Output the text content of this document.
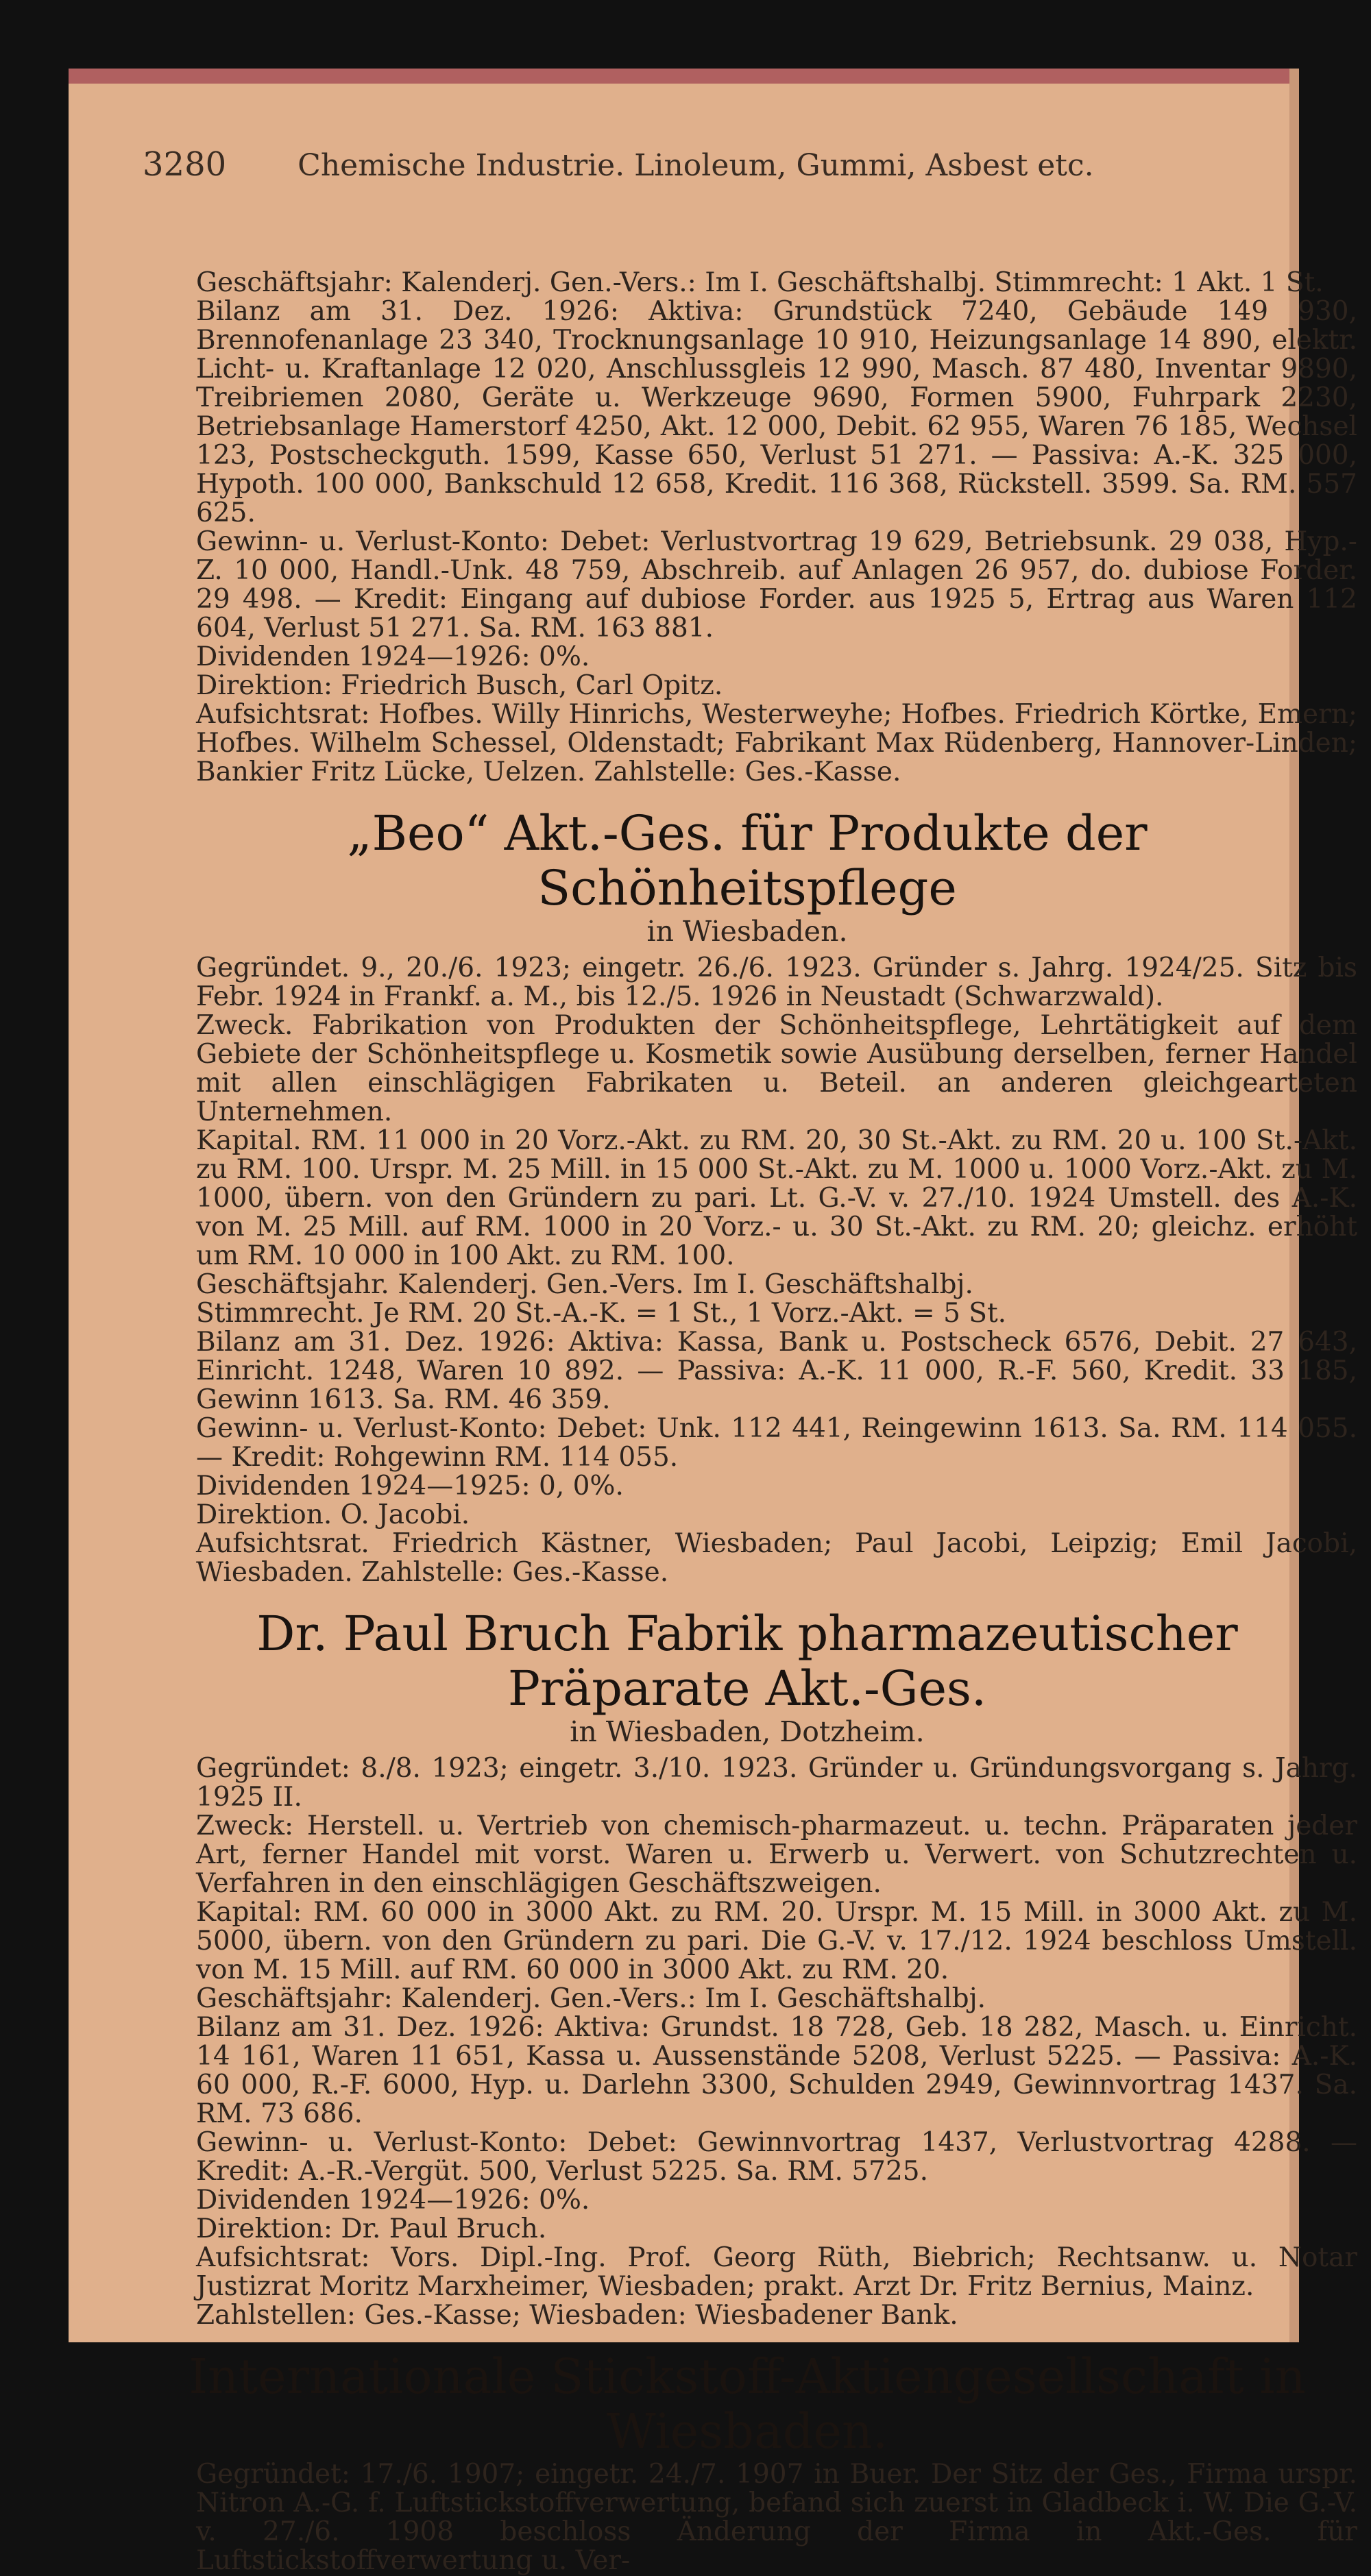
3280 Chemische Industrie. Linoleum, Gummi, Asbest etc.

Geschäftsjahr: Kalenderj. Gen.-Vers.: Im I. Geschäftshalbj. Stimmrecht: 1 Akt. 1 St.

Bilanz am 31. Dez. 1926: Aktiva: Grundstück 7240, Gebäude 149 930, Brennofenanlage 23 340, Trocknungsanlage 10 910, Heizungsanlage 14 890, elektr. Licht- u. Kraftanlage 12 020, Anschlussgleis 12 990, Masch. 87 480, Inventar 9890, Treibriemen 2080, Geräte u. Werkzeuge 9690, Formen 5900, Fuhrpark 2230, Betriebsanlage Hamerstorf 4250, Akt. 12 000, Debit. 62 955, Waren 76 185, Wechsel 123, Postscheckguth. 1599, Kasse 650, Verlust 51 271. — Passiva: A.-K. 325 000, Hypoth. 100 000, Bankschuld 12 658, Kredit. 116 368, Rückstell. 3599. Sa. RM. 557 625.

Gewinn- u. Verlust-Konto: Debet: Verlustvortrag 19 629, Betriebsunk. 29 038, Hyp.-Z. 10 000, Handl.-Unk. 48 759, Abschreib. auf Anlagen 26 957, do. dubiose Forder. 29 498. — Kredit: Eingang auf dubiose Forder. aus 1925 5, Ertrag aus Waren 112 604, Verlust 51 271. Sa. RM. 163 881.

Dividenden 1924—1926: 0%.

Direktion: Friedrich Busch, Carl Opitz.

Aufsichtsrat: Hofbes. Willy Hinrichs, Westerweyhe; Hofbes. Friedrich Körtke, Emern; Hofbes. Wilhelm Schessel, Oldenstadt; Fabrikant Max Rüdenberg, Hannover-Linden; Bankier Fritz Lücke, Uelzen. Zahlstelle: Ges.-Kasse.

„Beo“ Akt.-Ges. für Produkte der Schönheitspflege
in Wiesbaden.

Gegründet. 9., 20./6. 1923; eingetr. 26./6. 1923. Gründer s. Jahrg. 1924/25. Sitz bis Febr. 1924 in Frankf. a. M., bis 12./5. 1926 in Neustadt (Schwarzwald).

Zweck. Fabrikation von Produkten der Schönheitspflege, Lehrtätigkeit auf dem Gebiete der Schönheitspflege u. Kosmetik sowie Ausübung derselben, ferner Handel mit allen einschlägigen Fabrikaten u. Beteil. an anderen gleichgearteten Unternehmen.

Kapital. RM. 11 000 in 20 Vorz.-Akt. zu RM. 20, 30 St.-Akt. zu RM. 20 u. 100 St.-Akt. zu RM. 100. Urspr. M. 25 Mill. in 15 000 St.-Akt. zu M. 1000 u. 1000 Vorz.-Akt. zu M. 1000, übern. von den Gründern zu pari. Lt. G.-V. v. 27./10. 1924 Umstell. des A.-K. von M. 25 Mill. auf RM. 1000 in 20 Vorz.- u. 30 St.-Akt. zu RM. 20; gleichz. erhöht um RM. 10 000 in 100 Akt. zu RM. 100.

Geschäftsjahr. Kalenderj. Gen.-Vers. Im I. Geschäftshalbj.

Stimmrecht. Je RM. 20 St.-A.-K. = 1 St., 1 Vorz.-Akt. = 5 St.

Bilanz am 31. Dez. 1926: Aktiva: Kassa, Bank u. Postscheck 6576, Debit. 27 643, Einricht. 1248, Waren 10 892. — Passiva: A.-K. 11 000, R.-F. 560, Kredit. 33 185, Gewinn 1613. Sa. RM. 46 359.

Gewinn- u. Verlust-Konto: Debet: Unk. 112 441, Reingewinn 1613. Sa. RM. 114 055. — Kredit: Rohgewinn RM. 114 055.

Dividenden 1924—1925: 0, 0%.

Direktion. O. Jacobi.

Aufsichtsrat. Friedrich Kästner, Wiesbaden; Paul Jacobi, Leipzig; Emil Jacobi, Wiesbaden. Zahlstelle: Ges.-Kasse.

Dr. Paul Bruch Fabrik pharmazeutischer Präparate Akt.-Ges.
in Wiesbaden, Dotzheim.

Gegründet: 8./8. 1923; eingetr. 3./10. 1923. Gründer u. Gründungsvorgang s. Jahrg. 1925 II.

Zweck: Herstell. u. Vertrieb von chemisch-pharmazeut. u. techn. Präparaten jeder Art, ferner Handel mit vorst. Waren u. Erwerb u. Verwert. von Schutzrechten u. Verfahren in den einschlägigen Geschäftszweigen.

Kapital: RM. 60 000 in 3000 Akt. zu RM. 20. Urspr. M. 15 Mill. in 3000 Akt. zu M. 5000, übern. von den Gründern zu pari. Die G.-V. v. 17./12. 1924 beschloss Umstell. von M. 15 Mill. auf RM. 60 000 in 3000 Akt. zu RM. 20.

Geschäftsjahr: Kalenderj. Gen.-Vers.: Im I. Geschäftshalbj.

Bilanz am 31. Dez. 1926: Aktiva: Grundst. 18 728, Geb. 18 282, Masch. u. Einricht. 14 161, Waren 11 651, Kassa u. Aussenstände 5208, Verlust 5225. — Passiva: A.-K. 60 000, R.-F. 6000, Hyp. u. Darlehn 3300, Schulden 2949, Gewinnvortrag 1437. Sa. RM. 73 686.

Gewinn- u. Verlust-Konto: Debet: Gewinnvortrag 1437, Verlustvortrag 4288. — Kredit: A.-R.-Vergüt. 500, Verlust 5225. Sa. RM. 5725.

Dividenden 1924—1926: 0%.

Direktion: Dr. Paul Bruch.

Aufsichtsrat: Vors. Dipl.-Ing. Prof. Georg Rüth, Biebrich; Rechtsanw. u. Notar Justizrat Moritz Marxheimer, Wiesbaden; prakt. Arzt Dr. Fritz Bernius, Mainz.

Zahlstellen: Ges.-Kasse; Wiesbaden: Wiesbadener Bank.

Internationale Stickstoff-Aktiengesellschaft in Wiesbaden.

Gegründet: 17./6. 1907; eingetr. 24./7. 1907 in Buer. Der Sitz der Ges., Firma urspr. Nitron A.-G. f. Luftstickstoffverwertung, befand sich zuerst in Gladbeck i. W. Die G.-V. v. 27./6. 1908 beschloss Änderung der Firma in Akt.-Ges. für Luftstickstoffverwertung u. Ver-
